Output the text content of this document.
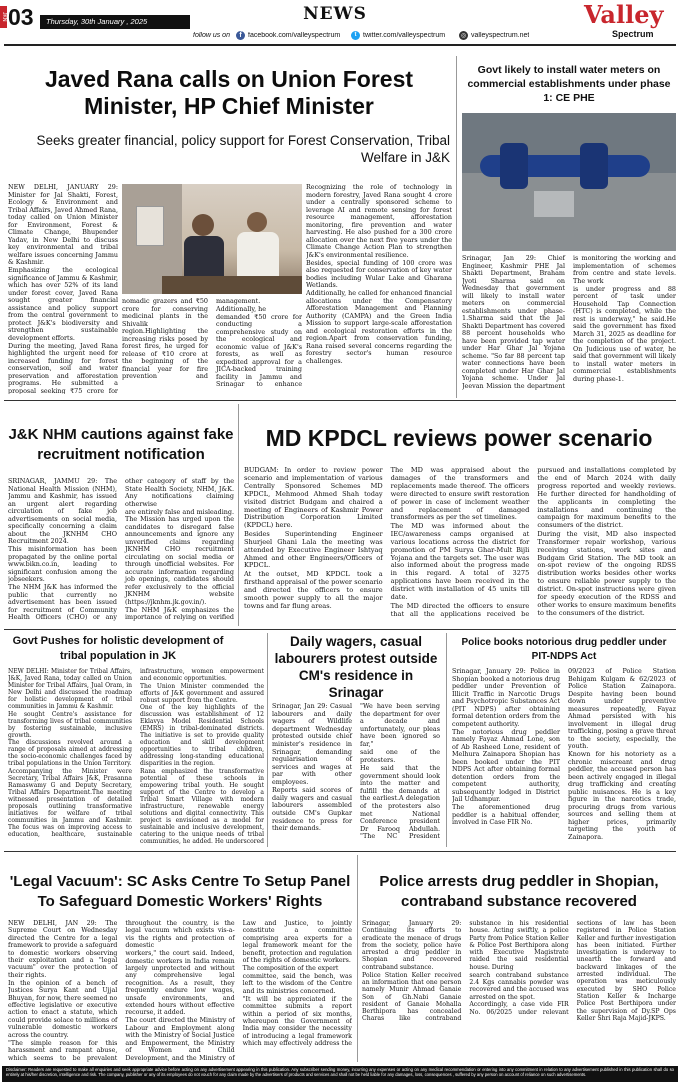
JKN 03	Thursday, 30th January , 2025	NEWS
follow us on	f facebook.com/valleyspectrum	t twitter.com/valleyspectrum	◎ valleyspectrum.net
Valley
Spectrum
Javed Rana calls on Union Forest Minister, HP Chief Minister
Seeks greater financial, policy support for Forest Conservation, Tribal Welfare in J&K

NEW DELHI, JANUARY 29: Minister for Jal Shakti, Forest, Ecology & Environment and Tribal Affairs, Javed Ahmed Rana, today called on Union Minister for Environment, Forest & Climate Change, Bhupender Yadav, in New Delhi to discuss key environmental and tribal welfare issues concerning Jammu & Kashmir.

Emphasizing the ecological significance of Jammu & Kashmir, which has over 52% of its land under forest cover, Javed Rana sought greater financial assistance and policy support from the central government to protect J&K's biodiversity and strengthen sustainable development efforts.

During the meeting, Javed Rana highlighted the urgent need for increased funding for forest conservation, soil and water preservation and afforestation programs. He submitted a proposal seeking ₹75 crore for

nomadic grazers and ₹50 crore for conserving medicinal plants in the Shivalik region.Highlighting the increasing risks posed by forest fires, he urged for release of ₹10 crore at the beginning of the financial year for fire prevention and management. Additionally, he

demanded ₹50 crore for conducting a comprehensive study on the ecological and economic value of J&K's forests, as well as expedited approval for a JICA-backed training facility in Jammu and Srinagar to enhance

Recognizing the role of technology in modern forestry, Javed Rana sought 4 crore under a centrally sponsored scheme to leverage AI and remote sensing for forest resource management, afforestation monitoring, fire prevention and water harvesting. He also pushed for a 300 crore allocation over the next five years under the Climate Change Action Plan to strengthen J&K's environmental resilience.

Besides, special funding of 100 crore was also requested for conservation of key water bodies including Wular Lake and Gharana Wetlands.

Additionally, he called for enhanced financial allocations under the Compensatory Afforestation Management and Planning Authority (CAMPA) and the Green India Mission to support large-scale afforestation and ecological restoration efforts in the region.Apart from conservation funding, Rana raised several concerns regarding the forestry sector's human resource challenges.

Govt likely to install water meters on commercial establishments under phase 1: CE PHE

Srinagar, Jan 29: Chief Engineer, Kashmir PHE Jal Shakti Department, Braham Jyoti Sharma said on Wednesday that government will likely to install water meters on commercial establishments under phase-1.Sharma said that the Jal Shakti Department has covered 88 percent households who have been provided tap water under Har Ghar Jal Yojana scheme. "So far 88 percent tap water connections have been completed under Har Ghar Jal Yojana scheme. Under Jal Jeevan Mission the department is monitoring the working and implementation of schemes from centre and state levels. The work

is under progress and 88 percent of task under Household Tap Connection (HTC) is completed, while the rest is underway," he said.He said the government has fixed March 31, 2025 as deadline for the completion of the project. On Judicious use of water, he said that government will likely to install water meters in commercial establishments during phase-1.

J&K NHM cautions against fake recruitment notification

SRINAGAR, JAMMU 29: The National Health Mission (NHM), Jammu and Kashmir, has issued an urgent alert regarding circulation of fake job advertisements on social media, specifically concerning a claim about the JKNHM CHO Recruitment 2024.

This misinformation has been propagated by the online portal www.bikn.co.in, leading to significant confusion among the jobseekers.

The NHM J&K has informed the public that currently no advertisement has been issued for recruitment of Community Health Officers (CHO) or any other category of staff by the State Health Society, NHM, J&K. Any notifications claiming otherwise

are entirely false and misleading. The Mission has urged upon the candidates to disregard false announcements and ignore any unverified claims regarding JKNHM CHO recruitment circulating on social media or through unofficial websites. For accurate information regarding job openings, candidates should refer exclusively to the official JKNHM website (https://jknhm.jk.gov.in/).

The NHM J&K emphasizes the importance of relying on verified

MD KPDCL reviews power scenario

BUDGAM: In order to review power scenario and implementation of various Centrally Sponsored Schemes MD KPDCL, Mehmood Ahmed Shah today visited district Budgam and chaired a meeting of Engineers of Kashmir Power Distribution Corporation Limited (KPDCL) here.

Besides Superintending Engineer Shurjeel Ghani Lala the meeting was attended by Executive Engineer Ishtyaq Ahmed and other Engineers/Officers of KPDCL.

At the outset, MD KPDCL took a firsthand appraisal of the power scenario and directed the officers to ensure smooth power supply to all the major towns and far flung areas.

The MD was appraised about the damages of the transformers and replacements made thereof. The officers were directed to ensure swift restoration of power in case of inclement weather and replacement of damaged transformers as per the set timelines.

The MD was informed about the IEC/awareness camps organised at various locations across the district for promotion of PM Surya Ghar-Mult Bijli Yojana and the targets set. The user was also informed about the progress made in this regard. A total of 3275 applications have been received in the district with installation of 45 units till date.

The MD directed the officers to ensure that all the applications received be pursued and installations completed by the end of March 2024 with daily progress reported and weekly reviews. He further directed for handholding of the applicants in completing the installations and continuing the campaign for maximum benefits to the consumers of the district.

During the visit, MD also inspected Transformer repair workshop, various receiving stations, work sites and Budgam Grid Station. The MD took an on-spot review of the ongoing RDSS distribution works besides other works to ensure reliable power supply to the district. On-spot instructions were given for speedy execution of the RDSS and other works to ensure maximum benefits to the consumers of the district.

Govt Pushes for holistic development of tribal population in JK

NEW DELHI: Minister for Tribal Affairs, J&K, Javed Rana, today called on Union Minister for Tribal Affairs, Jual Oram, in New Delhi and discussed the roadmap for holistic development of tribal communities in Jammu & Kashmir.

He sought Centre's assistance for transforming lives of tribal communities by fostering sustainable, inclusive growth.

The discussions revolved around a range of proposals aimed at addressing the socio-economic challenges faced by tribal populations in the Union Territory.

Accompanying the Minister were Secretary, Tribal Affairs J&K, Prasanna Ramaswamy G and Deputy Secretary, Tribal Affairs Department.The meeting witnessed presentation of detailed proposals outlining transformative initiatives for welfare of tribal communities in Jammu and Kashmir. The focus was on improving access to education, healthcare, sustainable infrastructure, women empowerment and economic opportunities.

The Union Minister commended the efforts of J&K government and assured robust support from the Centre.

One of the key highlights of the discussion was establishment of 12 Eklavya Model Residential Schools (EMRS) in tribal-dominated districts. The initiative is set to provide quality education and skill development opportunities to tribal children, addressing long-standing educational disparities in the region.

Rana emphasized the transformative potential of these schools in empowering tribal youth. He sought support of the Centre to develop a Tribal Smart Village with modern infrastructure, renewable energy solutions and digital connectivity. This project is envisioned as a model for sustainable and inclusive development, catering to the unique needs of tribal communities, he added. He underscored

Daily wagers, casual labourers protest outside CM's residence in Srinagar

Srinagar, Jan 29: Casual labourers and daily wagers of Wildlife department Wednesday protested outside chief minister's residence in Srinagar, demanding regularisation of services and wages at par with other employees.

Reports said scores of daily wagers and casual labourers assembled outside CM's Gupkar residence to press for their demands.

"We have been serving the department for over a decade and unfortunately, our pleas have been ignored so far,"

said one of the protesters.

He said that the government should look into the matter and fulfill the demands at the earliest.A delegation of the protesters also met National Conference president Dr Farooq Abdullah. "The NC President

Police books notorious drug peddler under PIT-NDPS Act

Srinagar, January 29: Police in Shopian booked a notorious drug peddler under Prevention of Illicit Traffic in Narcotic Drugs and Psychotropic Substances Act (PIT NDPS) after obtaining formal detention orders from the competent authority.

The notorious drug peddler namely Fayaz Ahmad Lone, son of Ab Rasheed Lone, resident of Melhura Zainapora Shopian has been booked under the PIT NDPS Act after obtaining formal detention orders from the competent authority, subsequently lodged in District Jail Udhampur.

The aforementioned drug peddler is a habitual offender, involved in Case FIR No.

09/2023 of Police Station Behigam Kulgam & 62/2023 of Police Station Zainapora. Despite having been bound down under preventive measures repeatedly, Fayaz Ahmad persisted with his involvement in illegal drug trafficking, posing a grave threat to the society, especially, the youth.

Known for his notoriety as a chronic miscreant and drug peddler, the accused person has been actively engaged in illegal drug trafficking and creating public nuisances. He is a key figure in the narcotics trade, procuring drugs from various sources and selling them at higher prices, primarily targeting the youth of Zainapora.

'Legal Vacuum': SC Asks Centre To Setup Panel To Safeguard Domestic Workers' Rights

NEW DELHI, JAN 29: The Supreme Court on Wednesday directed the Centre for a legal framework to provide a safeguard to domestic workers observing their exploitation and a "legal vacuum" over the protection of their rights.

In the opinion of a bench of Justices Surya Kant and Ujjal Bhuyan, for now, there seemed no effective legislative or executive action to enact a statute, which could provide solace to millions of vulnerable domestic workers across the country.

"The simple reason for this harassment and rampant abuse, which seems to be prevalent throughout the country, is the legal vacuum which exists vis-a-vis the rights and protection of domestic

workers," the court said. Indeed, domestic workers in India remain largely unprotected and without any comprehensive legal recognition. As a result, they frequently endure low wages, unsafe environments, and extended hours without effective recourse, it added.

The court directed the Ministry of Labour and Employment along with the Ministry of Social Justice and Empowerment, the Ministry of Women and Child Development, and the Ministry of Law and Justice, to jointly constitute a committee comprising area experts for a legal framework meant for the benefit, protection and regulation of the rights of domestic workers.

The composition of the expert

committee, said the bench, was left to the wisdom of the Centre and its ministries concerned.

"It will be appreciated if the committee submits a report within a period of six months, whereupon the Government of India may consider the necessity of introducing a legal framework which may effectively address the

Police arrests drug peddler in Shopian, contraband substance recovered

Srinagar, January 29: Continuing its efforts to eradicate the menace of drugs from the society, police have arrested a drug peddler in Shopian and recovered contraband substance.

Police Station Keller received an information that one person namely Munir Ahmad Ganaie Son of Gh.Nabi Ganaie resident of Ganaie Mohalla Berthipora has concealed Charas like contraband substance in his residential house. Acting swiftly, a police Party from Police Station Keller & Police Post Berthipora along with Executive Magistrate raided the said residential house. During

search contraband substance 2.4 Kgs cannabis powder was recovered and the accused was arrested on the spot.

Accordingly, a case vide FIR No. 06/2025 under relevant sections of law has been registered in Police Station Keller and further investigation has been initiated. Further investigation is underway to unearth the forward and backward linkages of the arrested individual. The operation was meticulously executed by SHO Police Station Keller & Incharge Police Post Berthipora under the supervision of Dy.SP Ops Keller Shri Raja Majid-JKPS.

Disclaimer: Readers are requested to make all enquiries and seek appropriate advice before acting on any advertisement appearing in this publication. Any subscriber sending money, incurring any expenses or acting on any medical recommendation or entering into any commitment in relation to any advertisement published in this publication shall do so entirely at his/her discretion, intelligence and risk. The company, publisher or any of its employees do not vouch for any claim made by the advertisers of products and services and shall not be held liable for any damages, loss, consequences , suffered by any person on account of reliance on such advertisements.
